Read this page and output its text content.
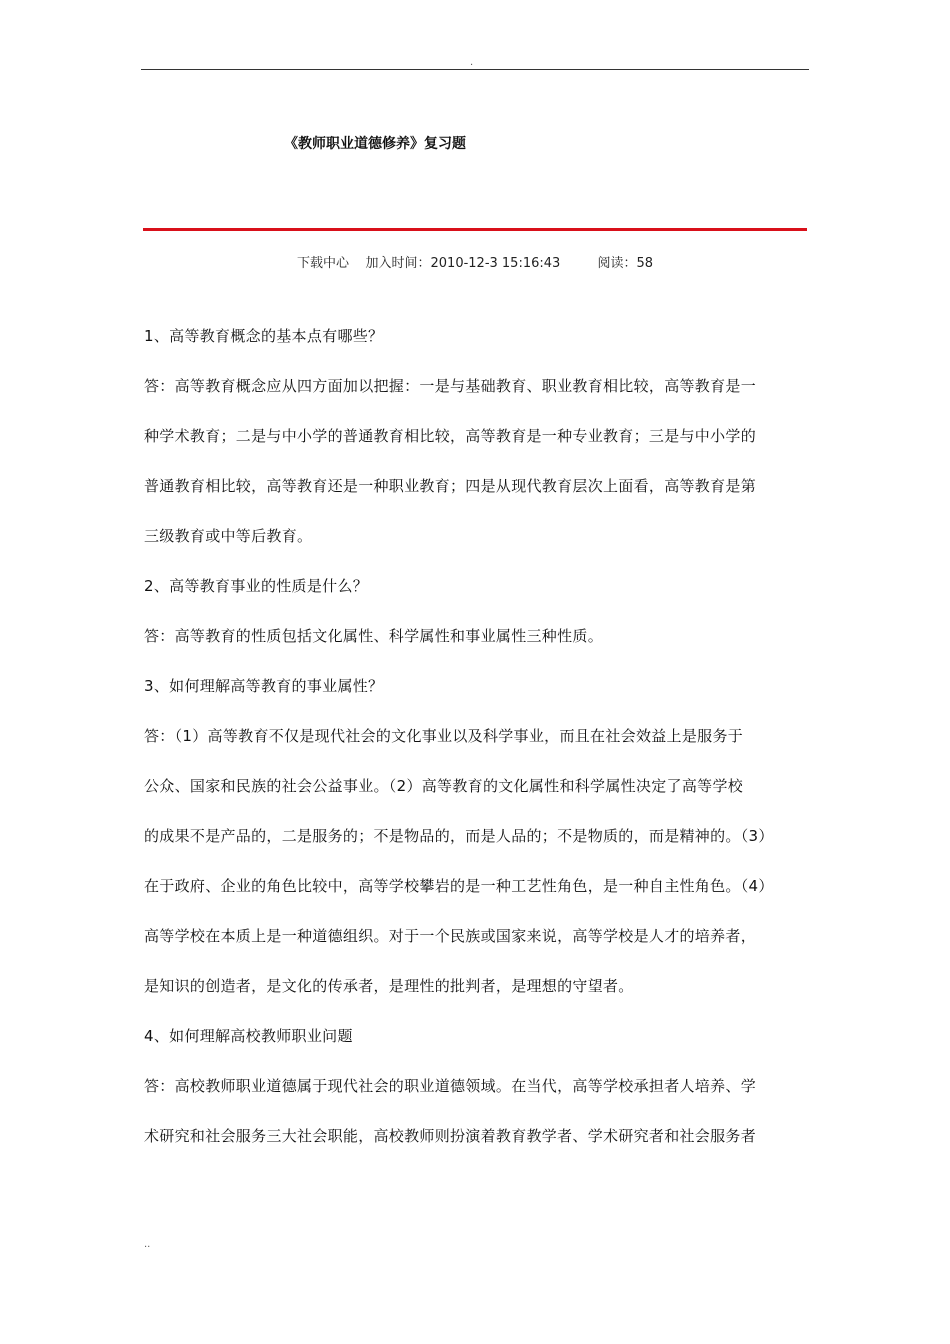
.
《教师职业道德修养》复习题
下载中心 加入时间：2010-12-3 15:16:43	阅读：58
1、高等教育概念的基本点有哪些？
答：高等教育概念应从四方面加以把握：一是与基础教育、职业教育相比较，高等教育是一
种学术教育；二是与中小学的普通教育相比较，高等教育是一种专业教育；三是与中小学的
普通教育相比较，高等教育还是一种职业教育；四是从现代教育层次上面看，高等教育是第
三级教育或中等后教育。
2、高等教育事业的性质是什么？
答：高等教育的性质包括文化属性、科学属性和事业属性三种性质。
3、如何理解高等教育的事业属性？
答：（1）高等教育不仅是现代社会的文化事业以及科学事业，而且在社会效益上是服务于
公众、国家和民族的社会公益事业。（2）高等教育的文化属性和科学属性决定了高等学校
的成果不是产品的，二是服务的；不是物品的，而是人品的；不是物质的，而是精神的。（3）
在于政府、企业的角色比较中，高等学校攀岩的是一种工艺性角色，是一种自主性角色。（4）
高等学校在本质上是一种道德组织。对于一个民族或国家来说，高等学校是人才的培养者，
是知识的创造者，是文化的传承者，是理性的批判者，是理想的守望者。
4、如何理解高校教师职业问题
答：高校教师职业道德属于现代社会的职业道德领域。在当代，高等学校承担者人培养、学
术研究和社会服务三大社会职能，高校教师则扮演着教育教学者、学术研究者和社会服务者
..
